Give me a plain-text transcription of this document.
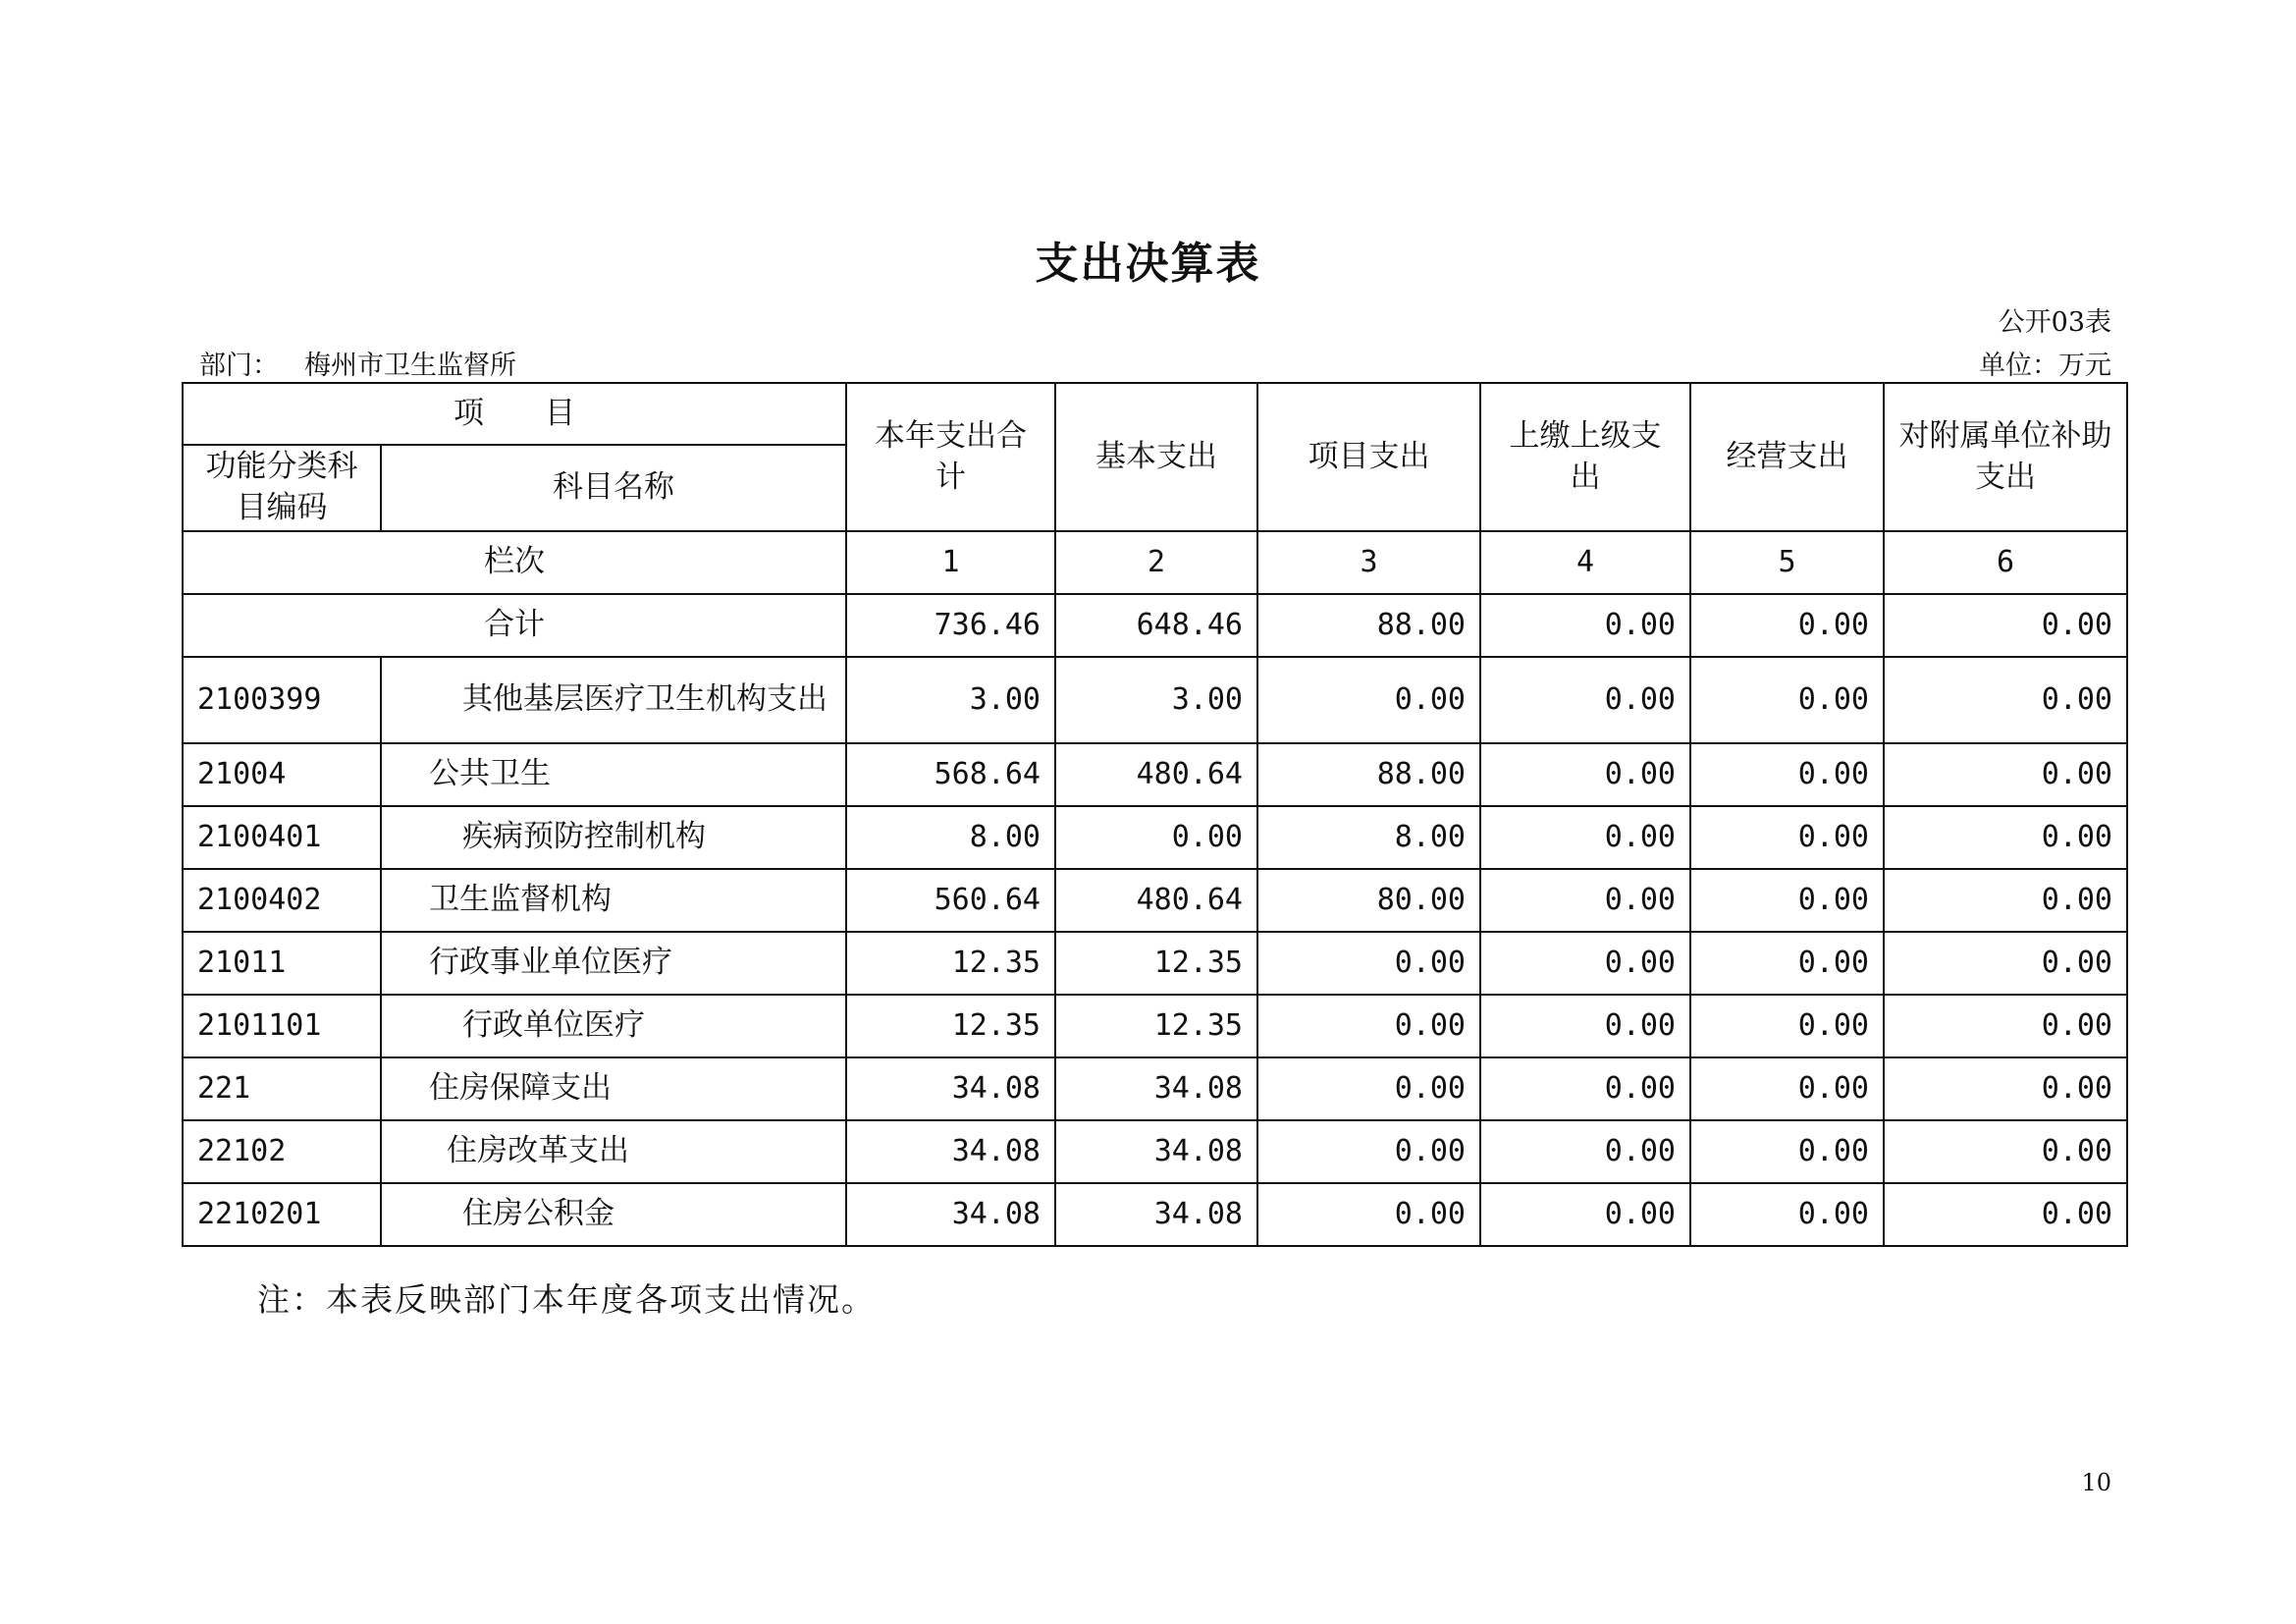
支出决算表
公开03表
部门： 梅州市卫生监督所	单位：万元
项　　目		本年支出合计	基本支出	项目支出	上缴上级支出	经营支出	对附属单位补助支出
功能分类科目编码	科目名称						
栏次		1	2	3	4	5	6
合计		736.46	648.46	88.00	0.00	0.00	0.00
2100399	其他基层医疗卫生机构支出	3.00	3.00	0.00	0.00	0.00	0.00
21004	公共卫生	568.64	480.64	88.00	0.00	0.00	0.00
2100401	疾病预防控制机构	8.00	0.00	8.00	0.00	0.00	0.00
2100402	卫生监督机构	560.64	480.64	80.00	0.00	0.00	0.00
21011	行政事业单位医疗	12.35	12.35	0.00	0.00	0.00	0.00
2101101	行政单位医疗	12.35	12.35	0.00	0.00	0.00	0.00
221	住房保障支出	34.08	34.08	0.00	0.00	0.00	0.00
22102	住房改革支出	34.08	34.08	0.00	0.00	0.00	0.00
2210201	住房公积金	34.08	34.08	0.00	0.00	0.00	0.00
注：本表反映部门本年度各项支出情况。
10
